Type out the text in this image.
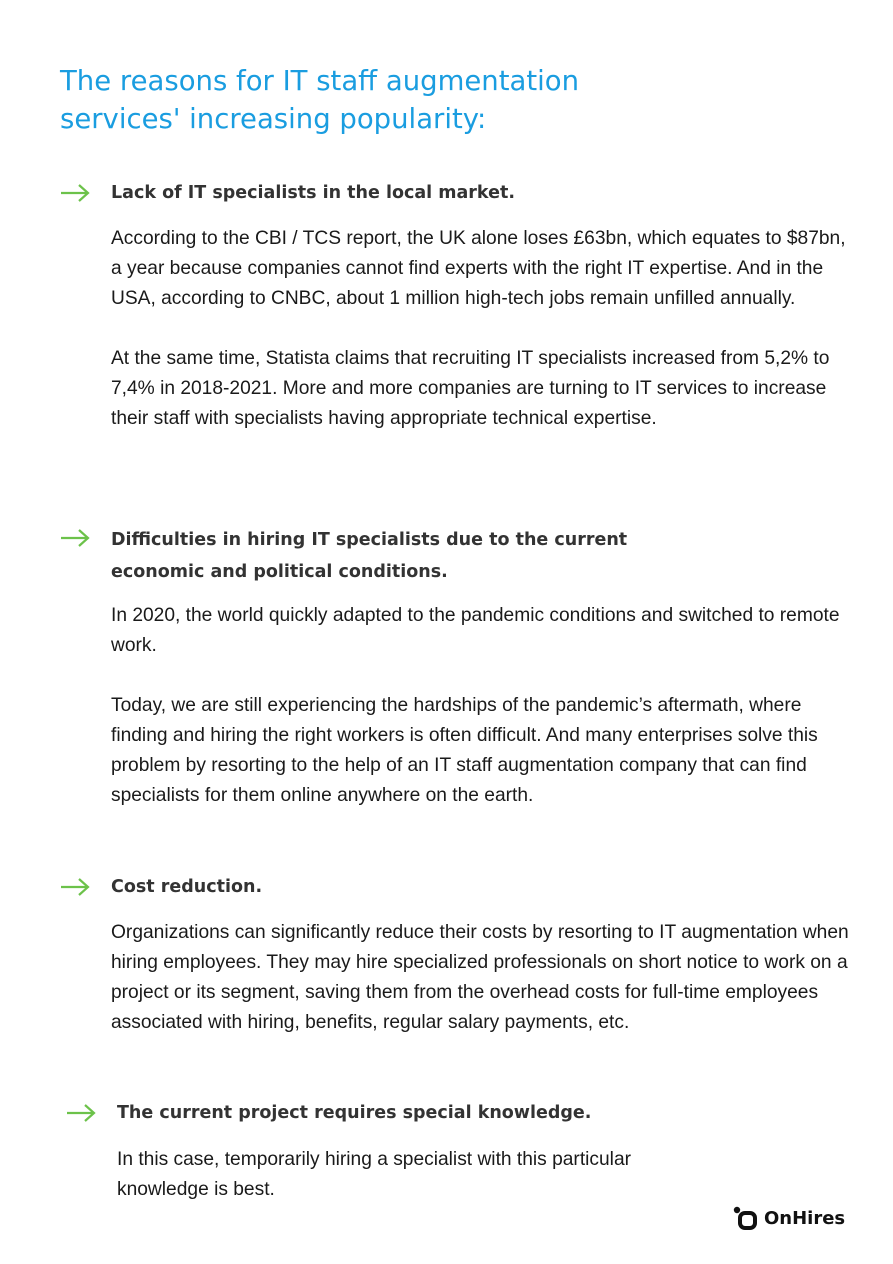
The reasons for IT staff augmentation services' increasing popularity:
Lack of IT specialists in the local market.

According to the CBI / TCS report, the UK alone loses £63bn, which equates to $87bn, a year because companies cannot find experts with the right IT expertise. And in the USA, according to CNBC, about 1 million high-tech jobs remain unfilled annually.

At the same time, Statista claims that recruiting IT specialists increased from 5,2% to 7,4% in 2018-2021. More and more companies are turning to IT services to increase their staff with specialists having appropriate technical expertise.

Difficulties in hiring IT specialists due to the current economic and political conditions.

In 2020, the world quickly adapted to the pandemic conditions and switched to remote work.

Today, we are still experiencing the hardships of the pandemic’s aftermath, where finding and hiring the right workers is often difficult. And many enterprises solve this problem by resorting to the help of an IT staff augmentation company that can find specialists for them online anywhere on the earth.

Cost reduction.

Organizations can significantly reduce their costs by resorting to IT augmentation when hiring employees. They may hire specialized professionals on short notice to work on a project or its segment, saving them from the overhead costs for full-time employees associated with hiring, benefits, regular salary payments, etc.

The current project requires special knowledge.

In this case, temporarily hiring a specialist with this particular knowledge is best.

OnHires
